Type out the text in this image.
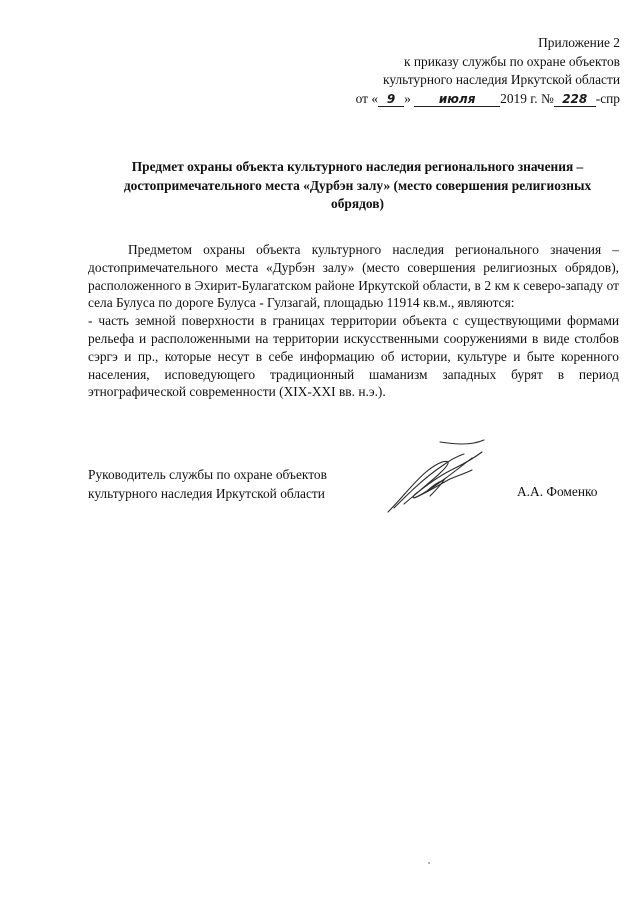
Приложение 2
к приказу службы по охране объектов
культурного наследия Иркутской области
от « 9 » июля 2019 г. № 228 -спр
Предмет охраны объекта культурного наследия регионального значения – достопримечательного места «Дурбэн залу» (место совершения религиозных обрядов)

Предметом охраны объекта культурного наследия регионального значения – достопримечательного места «Дурбэн залу» (место совершения религиозных обрядов), расположенного в Эхирит-Булагатском районе Иркутской области, в 2 км к северо-западу от села Булуса по дороге Булуса - Гулзагай, площадью 11914 кв.м., являются:

- часть земной поверхности в границах территории объекта с существующими формами рельефа и расположенными на территории искусственными сооружениями в виде столбов сэргэ и пр., которые несут в себе информацию об истории, культуре и быте коренного населения, исповедующего традиционный шаманизм западных бурят в период этнографической современности (XIX-XXI вв. н.э.).

Руководитель службы по охране объектов
культурного наследия Иркутской области	А.А. Фоменко
